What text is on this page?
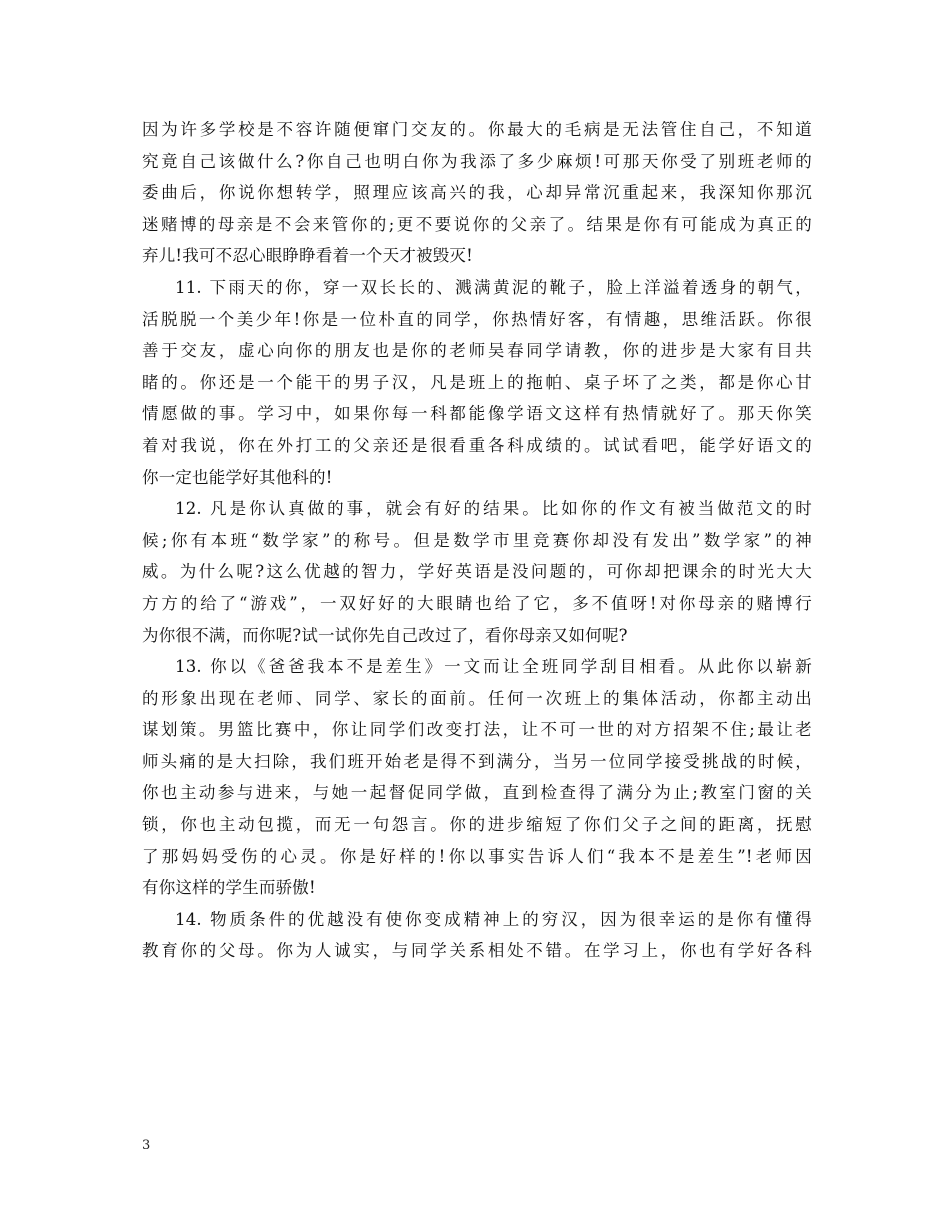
因为许多学校是不容许随便窜门交友的。你最大的毛病是无法管住自己，不知道
究竟自己该做什么?你自己也明白你为我添了多少麻烦!可那天你受了别班老师的
委曲后，你说你想转学，照理应该高兴的我，心却异常沉重起来，我深知你那沉
迷赌博的母亲是不会来管你的;更不要说你的父亲了。结果是你有可能成为真正的
弃儿!我可不忍心眼睁睁看着一个天才被毁灭!
11. 下雨天的你，穿一双长长的、溅满黄泥的靴子，脸上洋溢着透身的朝气，
活脱脱一个美少年!你是一位朴直的同学，你热情好客，有情趣，思维活跃。你很
善于交友，虚心向你的朋友也是你的老师吴春同学请教，你的进步是大家有目共
睹的。你还是一个能干的男子汉，凡是班上的拖帕、桌子坏了之类，都是你心甘
情愿做的事。学习中，如果你每一科都能像学语文这样有热情就好了。那天你笑
着对我说，你在外打工的父亲还是很看重各科成绩的。试试看吧，能学好语文的
你一定也能学好其他科的!
12. 凡是你认真做的事，就会有好的结果。比如你的作文有被当做范文的时
候;你有本班“数学家”的称号。但是数学市里竞赛你却没有发出”数学家”的神
威。为什么呢?这么优越的智力，学好英语是没问题的，可你却把课余的时光大大
方方的给了“游戏”，一双好好的大眼睛也给了它，多不值呀!对你母亲的赌博行
为你很不满，而你呢?试一试你先自己改过了，看你母亲又如何呢?
13. 你以《爸爸我本不是差生》一文而让全班同学刮目相看。从此你以崭新
的形象出现在老师、同学、家长的面前。任何一次班上的集体活动，你都主动出
谋划策。男篮比赛中，你让同学们改变打法，让不可一世的对方招架不住;最让老
师头痛的是大扫除，我们班开始老是得不到满分，当另一位同学接受挑战的时候，
你也主动参与进来，与她一起督促同学做，直到检查得了满分为止;教室门窗的关
锁，你也主动包揽，而无一句怨言。你的进步缩短了你们父子之间的距离，抚慰
了那妈妈受伤的心灵。你是好样的!你以事实告诉人们“我本不是差生”!老师因
有你这样的学生而骄傲!
14. 物质条件的优越没有使你变成精神上的穷汉，因为很幸运的是你有懂得
教育你的父母。你为人诚实，与同学关系相处不错。在学习上，你也有学好各科
3
